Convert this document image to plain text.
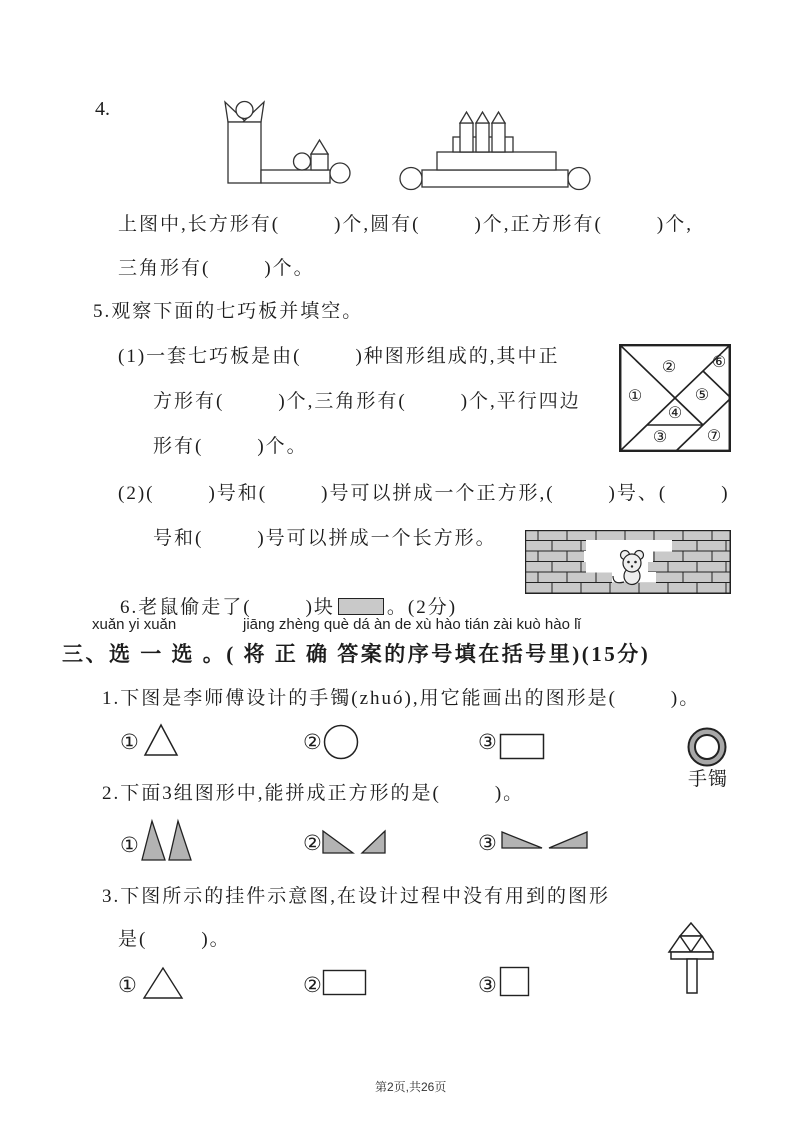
4.
上图中,长方形有(        )个,圆有(        )个,正方形有(        )个,
三角形有(        )个。
5.观察下面的七巧板并填空。
(1)一套七巧板是由(        )种图形组成的,其中正
方形有(        )个,三角形有(        )个,平行四边
形有(        )个。
①
②
③
④
⑤
⑥
⑦
(2)(        )号和(        )号可以拼成一个正方形,(        )号、(        )
号和(        )号可以拼成一个长方形。

6.老鼠偷走了(        )块	。(2分)

xuǎn yi xuǎn	jiāng zhèng què dá àn de xù hào tián zài kuò hào lǐ
三、选 一 选 。( 将 正 确 答案的序号填在括号里)(15分)
1.下图是李师傅设计的手镯(zhuó),用它能画出的图形是(        )。
①	②	③
手镯
2.下面3组图形中,能拼成正方形的是(        )。
①	②	③
3.下图所示的挂件示意图,在设计过程中没有用到的图形
是(        )。
①	②	③
第2页,共26页
